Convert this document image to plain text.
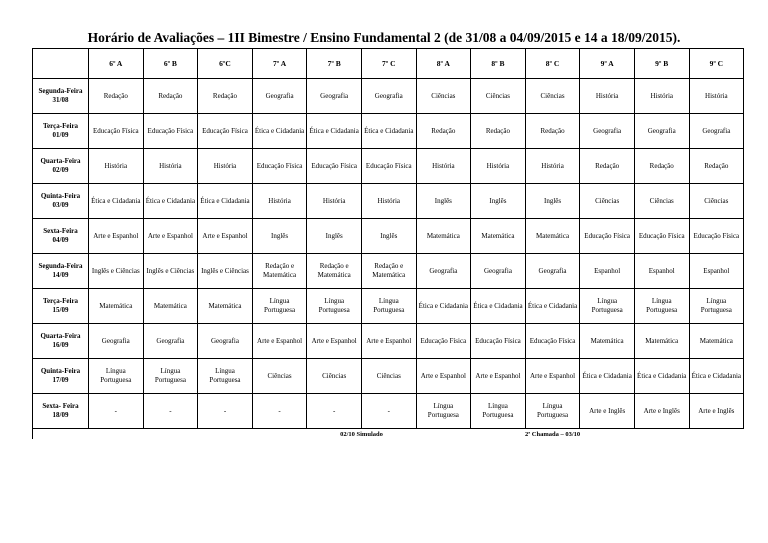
Horário de Avaliações – 1II Bimestre / Ensino Fundamental 2 (de 31/08 a 04/09/2015 e 14 a 18/09/2015).
	6º A	6º B	6ºC	7º A	7º B	7º C	8º A	8º B	8º C	9º A	9º B	9º C
Segunda-Feira
31/08	Redação	Redação	Redação	Geografia	Geografia	Geografia	Ciências	Ciências	Ciências	História	História	História
Terça-Feira
01/09	Educação Física	Educação Física	Educação Física	Ética e Cidadania	Ética e Cidadania	Ética e Cidadania	Redação	Redação	Redação	Geografia	Geografia	Geografia
Quarta-Feira
02/09	História	História	História	Educação Física	Educação Física	Educação Física	História	História	História	Redação	Redação	Redação
Quinta-Feira
03/09	Ética e Cidadania	Ética e Cidadania	Ética e Cidadania	História	História	História	Inglês	Inglês	Inglês	Ciências	Ciências	Ciências
Sexta-Feira
04/09	Arte e Espanhol	Arte e Espanhol	Arte e Espanhol	Inglês	Inglês	Inglês	Matemática	Matemática	Matemática	Educação Física	Educação Física	Educação Física
Segunda-Feira
14/09	Inglês e Ciências	Inglês e Ciências	Inglês e Ciências	Redação e Matemática	Redação e Matemática	Redação e Matemática	Geografia	Geografia	Geografia	Espanhol	Espanhol	Espanhol
Terça-Feira
15/09	Matemática	Matemática	Matemática	Língua Portuguesa	Língua Portuguesa	Língua Portuguesa	Ética e Cidadania	Ética e Cidadania	Ética e Cidadania	Língua Portuguesa	Língua Portuguesa	Língua Portuguesa
Quarta-Feira
16/09	Geografia	Geografia	Geografia	Arte e Espanhol	Arte e Espanhol	Arte e Espanhol	Educação Física	Educação Física	Educação Física	Matemática	Matemática	Matemática
Quinta-Feira
17/09	Língua Portuguesa	Língua Portuguesa	Língua Portuguesa	Ciências	Ciências	Ciências	Arte e Espanhol	Arte e Espanhol	Arte e Espanhol	Ética e Cidadania	Ética e Cidadania	Ética e Cidadania
Sexta- Feira
18/09	-	-	-	-	-	-	Língua Portuguesa	Língua Portuguesa	Língua Portuguesa	Arte e Inglês	Arte e Inglês	Arte e Inglês
					02/10 Simulado			2ª Chamada – 03/10				
